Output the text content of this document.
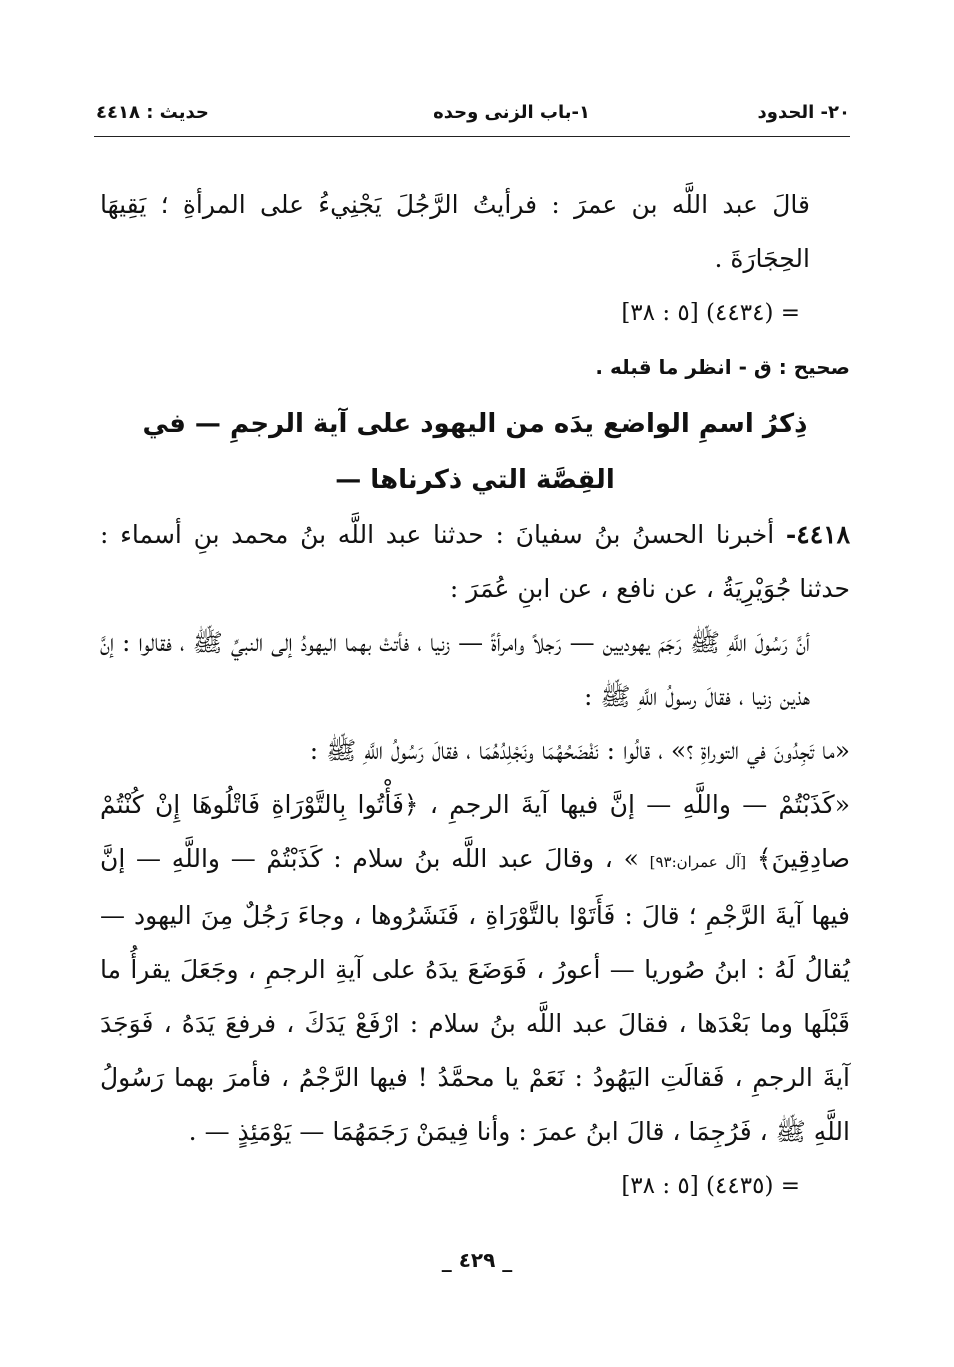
٢٠- الحدود
١-باب الزنى وحده
حديث : ٤٤١٨

قالَ عبد اللَّه بن عمرَ : فرأيتُ الرَّجُلَ يَجْنِيءُ على المرأةِ ؛ يَقِيهَا الحِجَارَةَ .

= (٤٤٣٤) [٥ : ٣٨]

صحيح : ق - انظر ما قبله .

ذِكرُ اسمِ الواضع يدَه من اليهود على آية الرجمِ — في
القِصَّة التي ذكرناها —

٤٤١٨- أخبرنا الحسنُ بنُ سفيانَ : حدثنا عبد اللَّه بنُ محمد بنِ أسماء : حدثنا جُوَيْرِيَةُ ، عن نافع ، عن ابنِ عُمَرَ :

أنَّ رَسُولَ اللَّهِ ﷺ رَجَمَ يهوديين — رَجلاً وامرأةً — زنيا ، فأتتْ بهما اليهودُ إلى النبيِّ ﷺ ، فقالوا : إنَّ هذين زنيا ، فقالَ رسولُ اللَّهِ ﷺ :

«ما تَجِدُونَ في التوراةِ ؟» ، قالُوا : نَفْضَحُهُمَا ونَجْلِدُهُمَا ، فقالَ رَسُولُ اللَّهِ ﷺ :

«كَذَبْتُمْ — واللَّهِ — إنَّ فيها آيةَ الرجمِ ، ﴿فَأْتُوا بِالتَّوْرَاةِ فَاتْلُوهَا إِنْ كُنْتُمْ صادِقِينَ﴾ [آل عمران:٩٣] » ، وقالَ عبد اللَّه بنُ سلام : كَذَبْتُمْ — واللَّهِ — إنَّ فيها آيةَ الرَّجْمِ ؛ قالَ : فَأَتَوْا بالتَّوْرَاةِ ، فَنَشَرُوها ، وجاءَ رَجُلٌ مِنَ اليهود — يُقالُ لَهُ : ابنُ صُوريا — أعورُ ، فَوَضَعَ يدَهُ على آيةِ الرجمِ ، وجَعَلَ يقرأُ ما قَبْلَها وما بَعْدَها ، فقالَ عبد اللَّه بنُ سلام : ارْفَعْ يَدَكَ ، فرفعَ يَدَهُ ، فَوَجَدَ آيةَ الرجمِ ، فَقالَتِ اليَهُودُ : نَعَمْ يا محمَّدُ ! فيها الرَّجْمُ ، فأمرَ بهما رَسُولُ اللَّهِ ﷺ ، فَرُجِمَا ، قالَ ابنُ عمرَ : وأنا فِيمَنْ رَجَمَهُمَا — يَوْمَئِذٍ — .

= (٤٤٣٥) [٥ : ٣٨]

_ ٤٢٩ _
